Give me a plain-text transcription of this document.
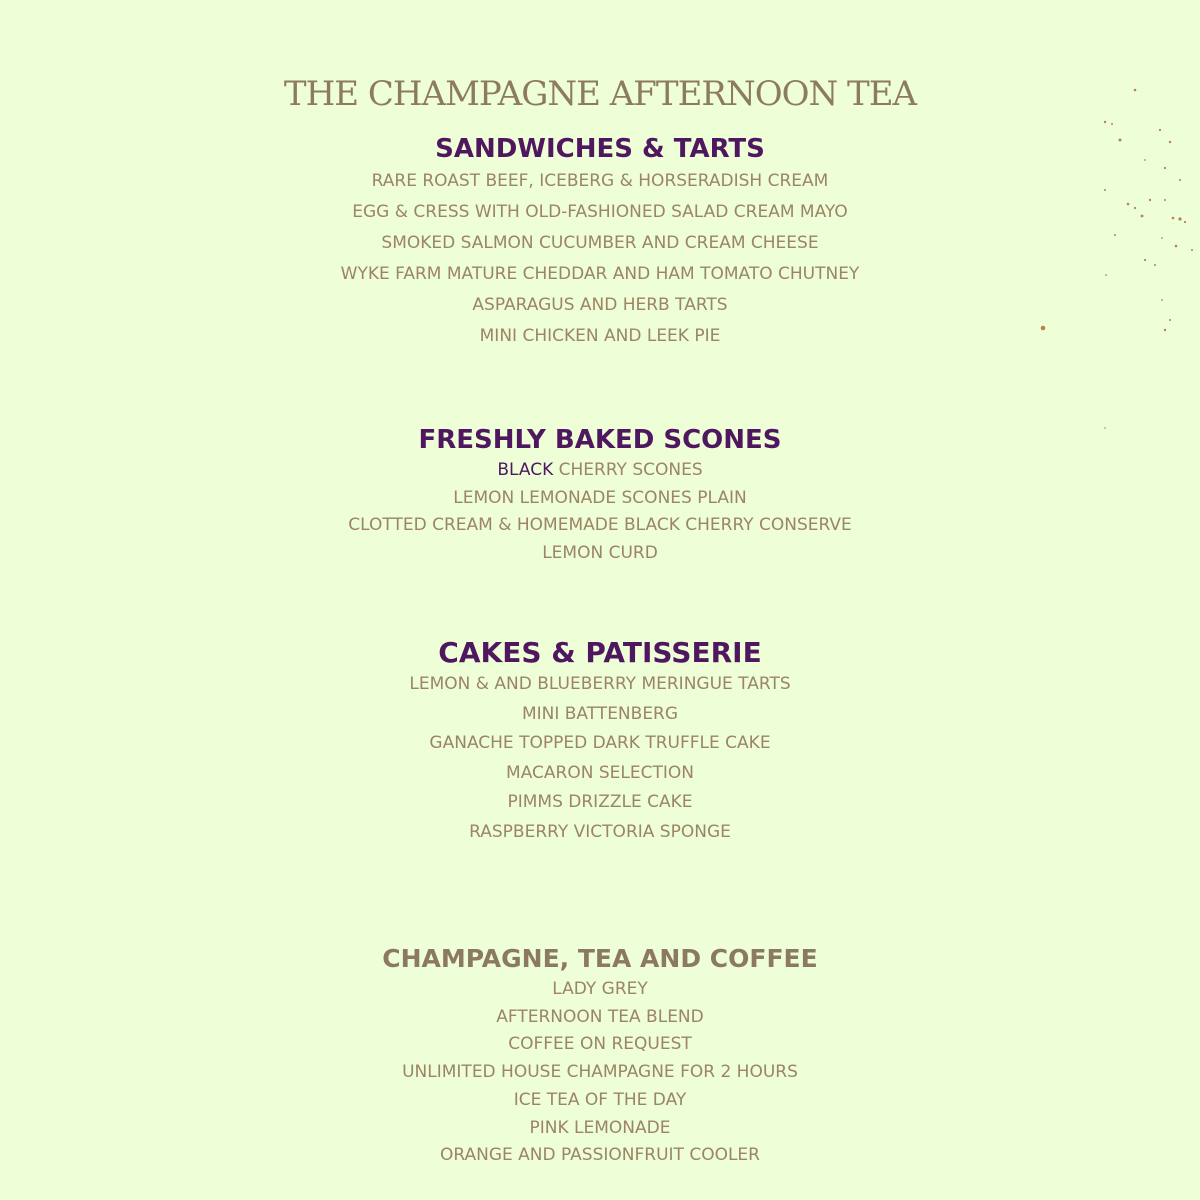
THE CHAMPAGNE AFTERNOON TEA
SANDWICHES & TARTS

RARE ROAST BEEF, ICEBERG & HORSERADISH CREAM

EGG & CRESS WITH OLD-FASHIONED SALAD CREAM MAYO

SMOKED SALMON CUCUMBER AND CREAM CHEESE

WYKE FARM MATURE CHEDDAR AND HAM TOMATO CHUTNEY

ASPARAGUS AND HERB TARTS

MINI CHICKEN AND LEEK PIE

FRESHLY BAKED SCONES

BLACK CHERRY SCONES

LEMON LEMONADE SCONES PLAIN

CLOTTED CREAM & HOMEMADE BLACK CHERRY CONSERVE

LEMON CURD

CAKES & PATISSERIE

LEMON & AND BLUEBERRY MERINGUE TARTS

MINI BATTENBERG

GANACHE TOPPED DARK TRUFFLE CAKE

MACARON SELECTION

PIMMS DRIZZLE CAKE

RASPBERRY VICTORIA SPONGE

CHAMPAGNE, TEA AND COFFEE

LADY GREY

AFTERNOON TEA BLEND

COFFEE ON REQUEST

UNLIMITED HOUSE CHAMPAGNE FOR 2 HOURS

ICE TEA OF THE DAY

PINK LEMONADE

ORANGE AND PASSIONFRUIT COOLER
